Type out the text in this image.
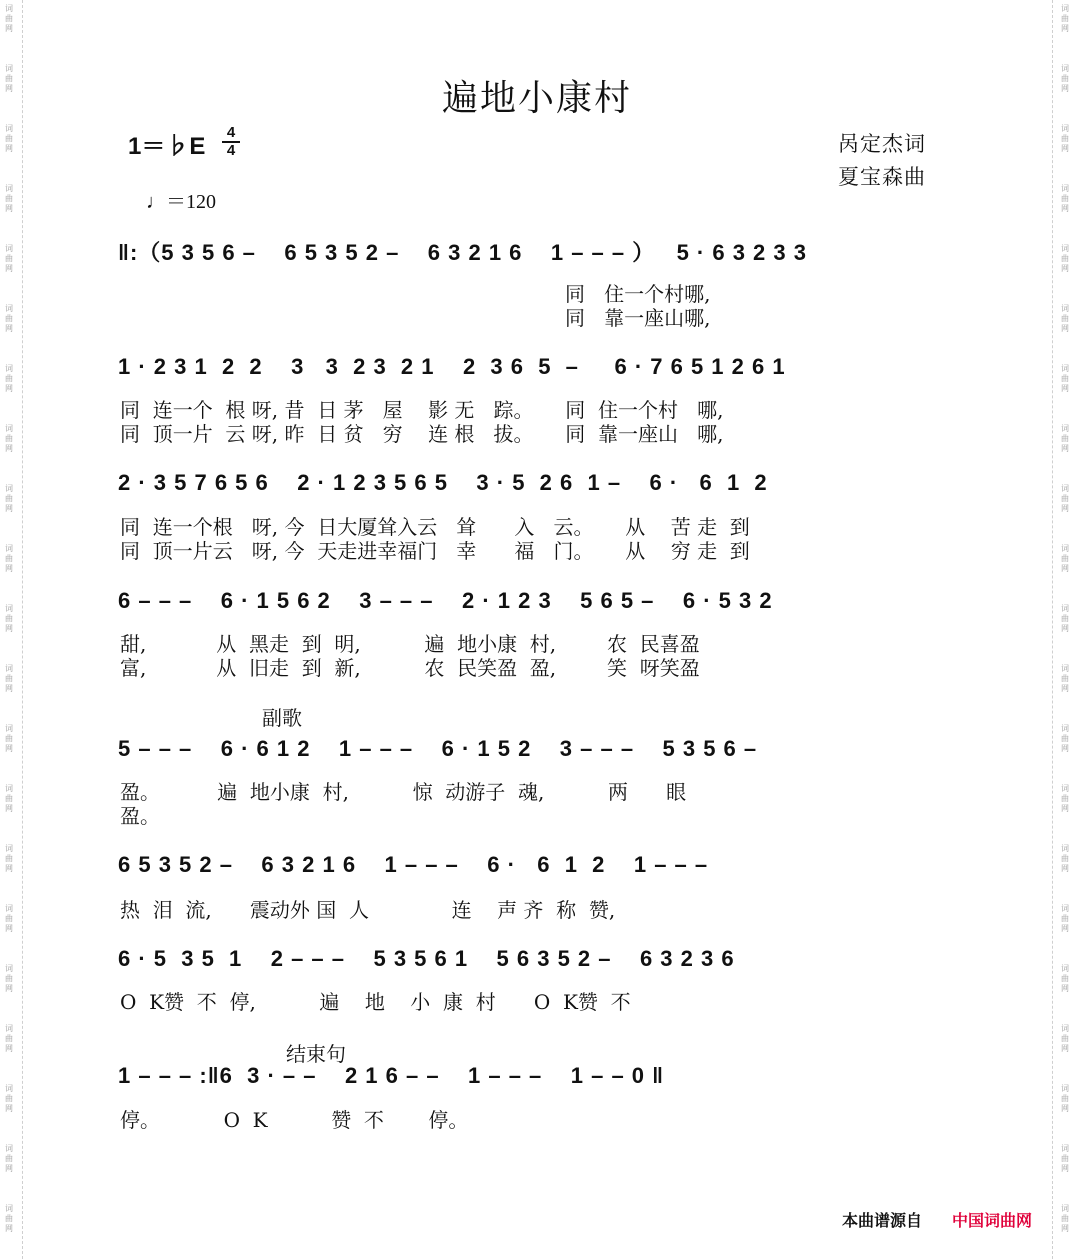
词曲网
词曲网
词曲网
词曲网
词曲网
词曲网
词曲网
词曲网
词曲网
词曲网
词曲网
词曲网
词曲网
词曲网
词曲网
词曲网
词曲网
词曲网
词曲网
词曲网
词曲网
词曲网
词曲网
词曲网
词曲网
词曲网
词曲网
词曲网
词曲网
词曲网
词曲网
词曲网
词曲网
词曲网
词曲网
词曲网
词曲网
词曲网
词曲网
词曲网
词曲网
词曲网
遍地小康村
1＝♭E
4
4
♩＝120
呙定杰词
夏宝森曲
‖:（5 3 5 6 –    6 5 3 5 2 –    6 3 2 1 6    1 – – – ）   5 · 6 3 2 3 3
同   住一个村哪,
同   靠一座山哪,
1 · 2 3 1  2  2    3   3  2 3  2 1    2  3 6  5  –     6 · 7 6 5 1 2 6 1
同  连一个  根 呀, 昔  日 茅   屋    影 无   踪。     同  住一个村   哪,
同  顶一片  云 呀, 昨  日 贫   穷    连 根   拔。     同  靠一座山   哪,
2 · 3 5 7 6 5 6    2 · 1 2 3 5 6 5    3 · 5  2 6  1 –    6 ·   6  1  2
同  连一个根   呀, 今  日大厦耸入云   耸      入   云。     从    苦 走  到
同  顶一片云   呀, 今  天走进幸福门   幸      福   门。     从    穷 走  到
6 – – –    6 · 1 5 6 2    3 – – –    2 · 1 2 3    5 6 5 –    6 · 5 3 2
甜,           从  黑走  到  明,          遍  地小康  村,        农  民喜盈
富,           从  旧走  到  新,          农  民笑盈  盈,        笑  呀笑盈
副歌
5 – – –    6 · 6 1 2    1 – – –    6 · 1 5 2    3 – – –    5 3 5 6 –
盈。         遍  地小康  村,          惊  动游子  魂,          两      眼
盈。
6 5 3 5 2 –    6 3 2 1 6    1 – – –    6 ·   6  1  2    1 – – –
热  泪  流,      震动外 国  人             连    声 齐  称  赞,
6 · 5  3 5  1    2 – – –    5 3 5 6 1    5 6 3 5 2 –    6 3 2 3 6
O  K赞  不  停,          遍    地    小  康  村      O  K赞  不
结束句
1 – – – :‖6  3 · – –    2 1 6 – –    1 – – –    1 – – 0 ‖
停。          O  K          赞  不       停。
本曲谱源自 中国词曲网
